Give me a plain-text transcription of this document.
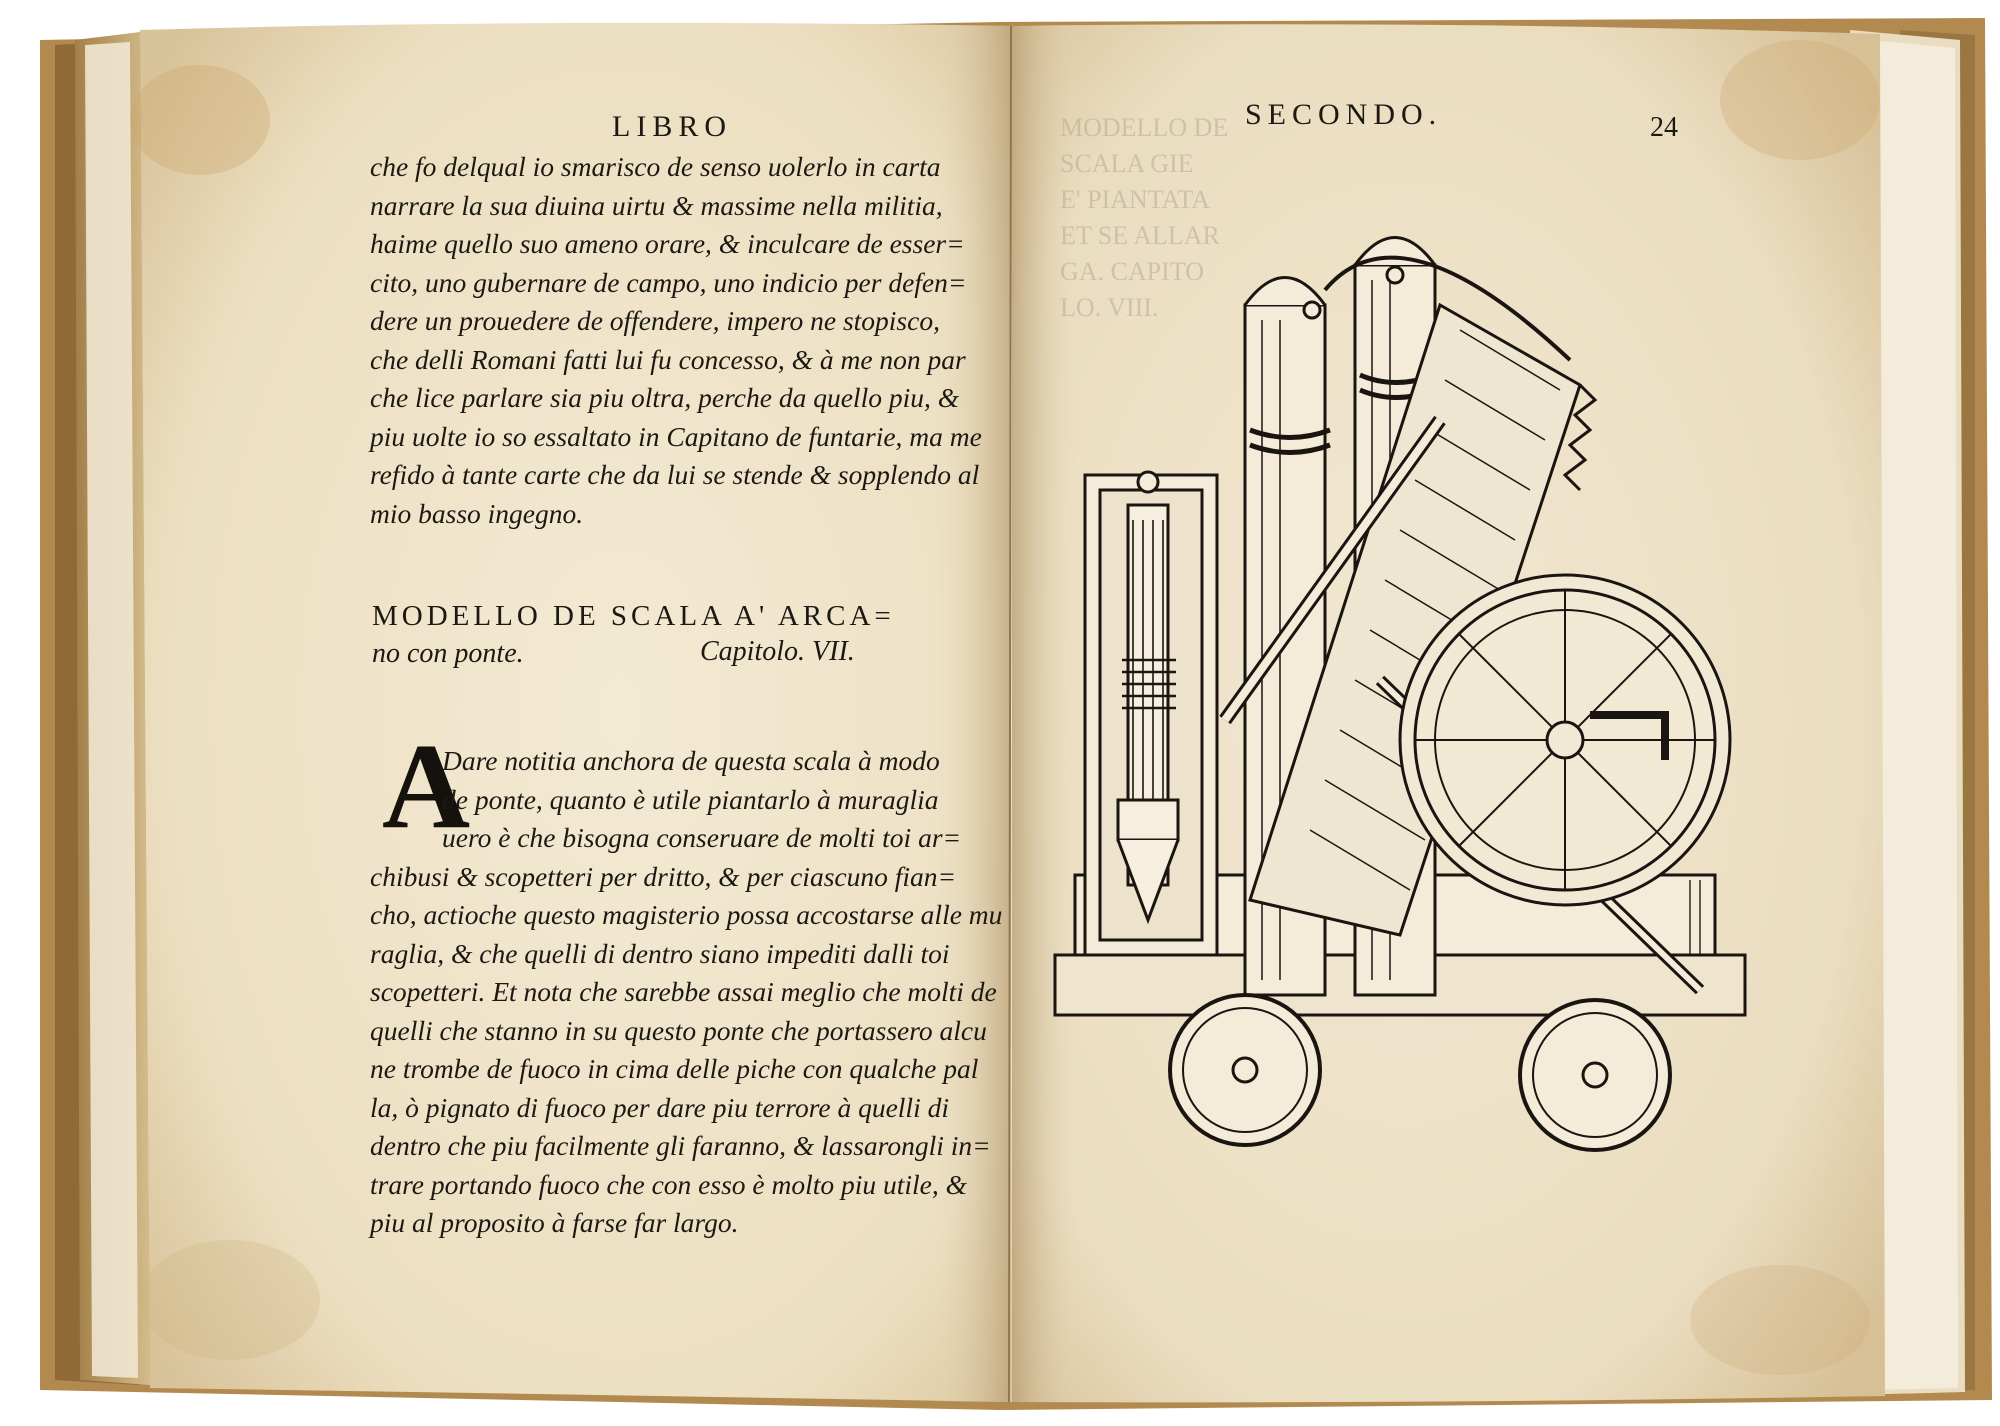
MODELLO DE
SCALA GIE
E' PIANTATA
ET SE ALLAR
GA. CAPITO
LO. VIII.
LIBRO
che fo delqual io smarisco de senso uolerlo in carta
narrare la sua diuina uirtu & massime nella militia,
haime quello suo ameno orare, & inculcare de esser=
cito, uno gubernare de campo, uno indicio per defen=
dere un prouedere de offendere, impero ne stopisco,
che delli Romani fatti lui fu concesso, & à me non par
che lice parlare sia piu oltra, perche da quello piu, &
piu uolte io so essaltato in Capitano de funtarie, ma me
refido à tante carte che da lui se stende & sopplendo al
mio basso ingegno.
MODELLO DE SCALA A' ARCA=
no con ponte.	Capitolo. VII.
A
Dare notitia anchora de questa scala à modo
de ponte, quanto è utile piantarlo à muraglia
uero è che bisogna conseruare de molti toi ar=
chibusi & scopetteri per dritto, & per ciascuno fian=
cho, actioche questo magisterio possa accostarse alle mu
raglia, & che quelli di dentro siano impediti dalli toi
scopetteri. Et nota che sarebbe assai meglio che molti de
quelli che stanno in su questo ponte che portassero alcu
ne trombe de fuoco in cima delle piche con qualche pal
la, ò pignato di fuoco per dare piu terrore à quelli di
dentro che piu facilmente gli faranno, & lassarongli in=
trare portando fuoco che con esso è molto piu utile, &
piu al proposito à farse far largo.
SECONDO.	24
